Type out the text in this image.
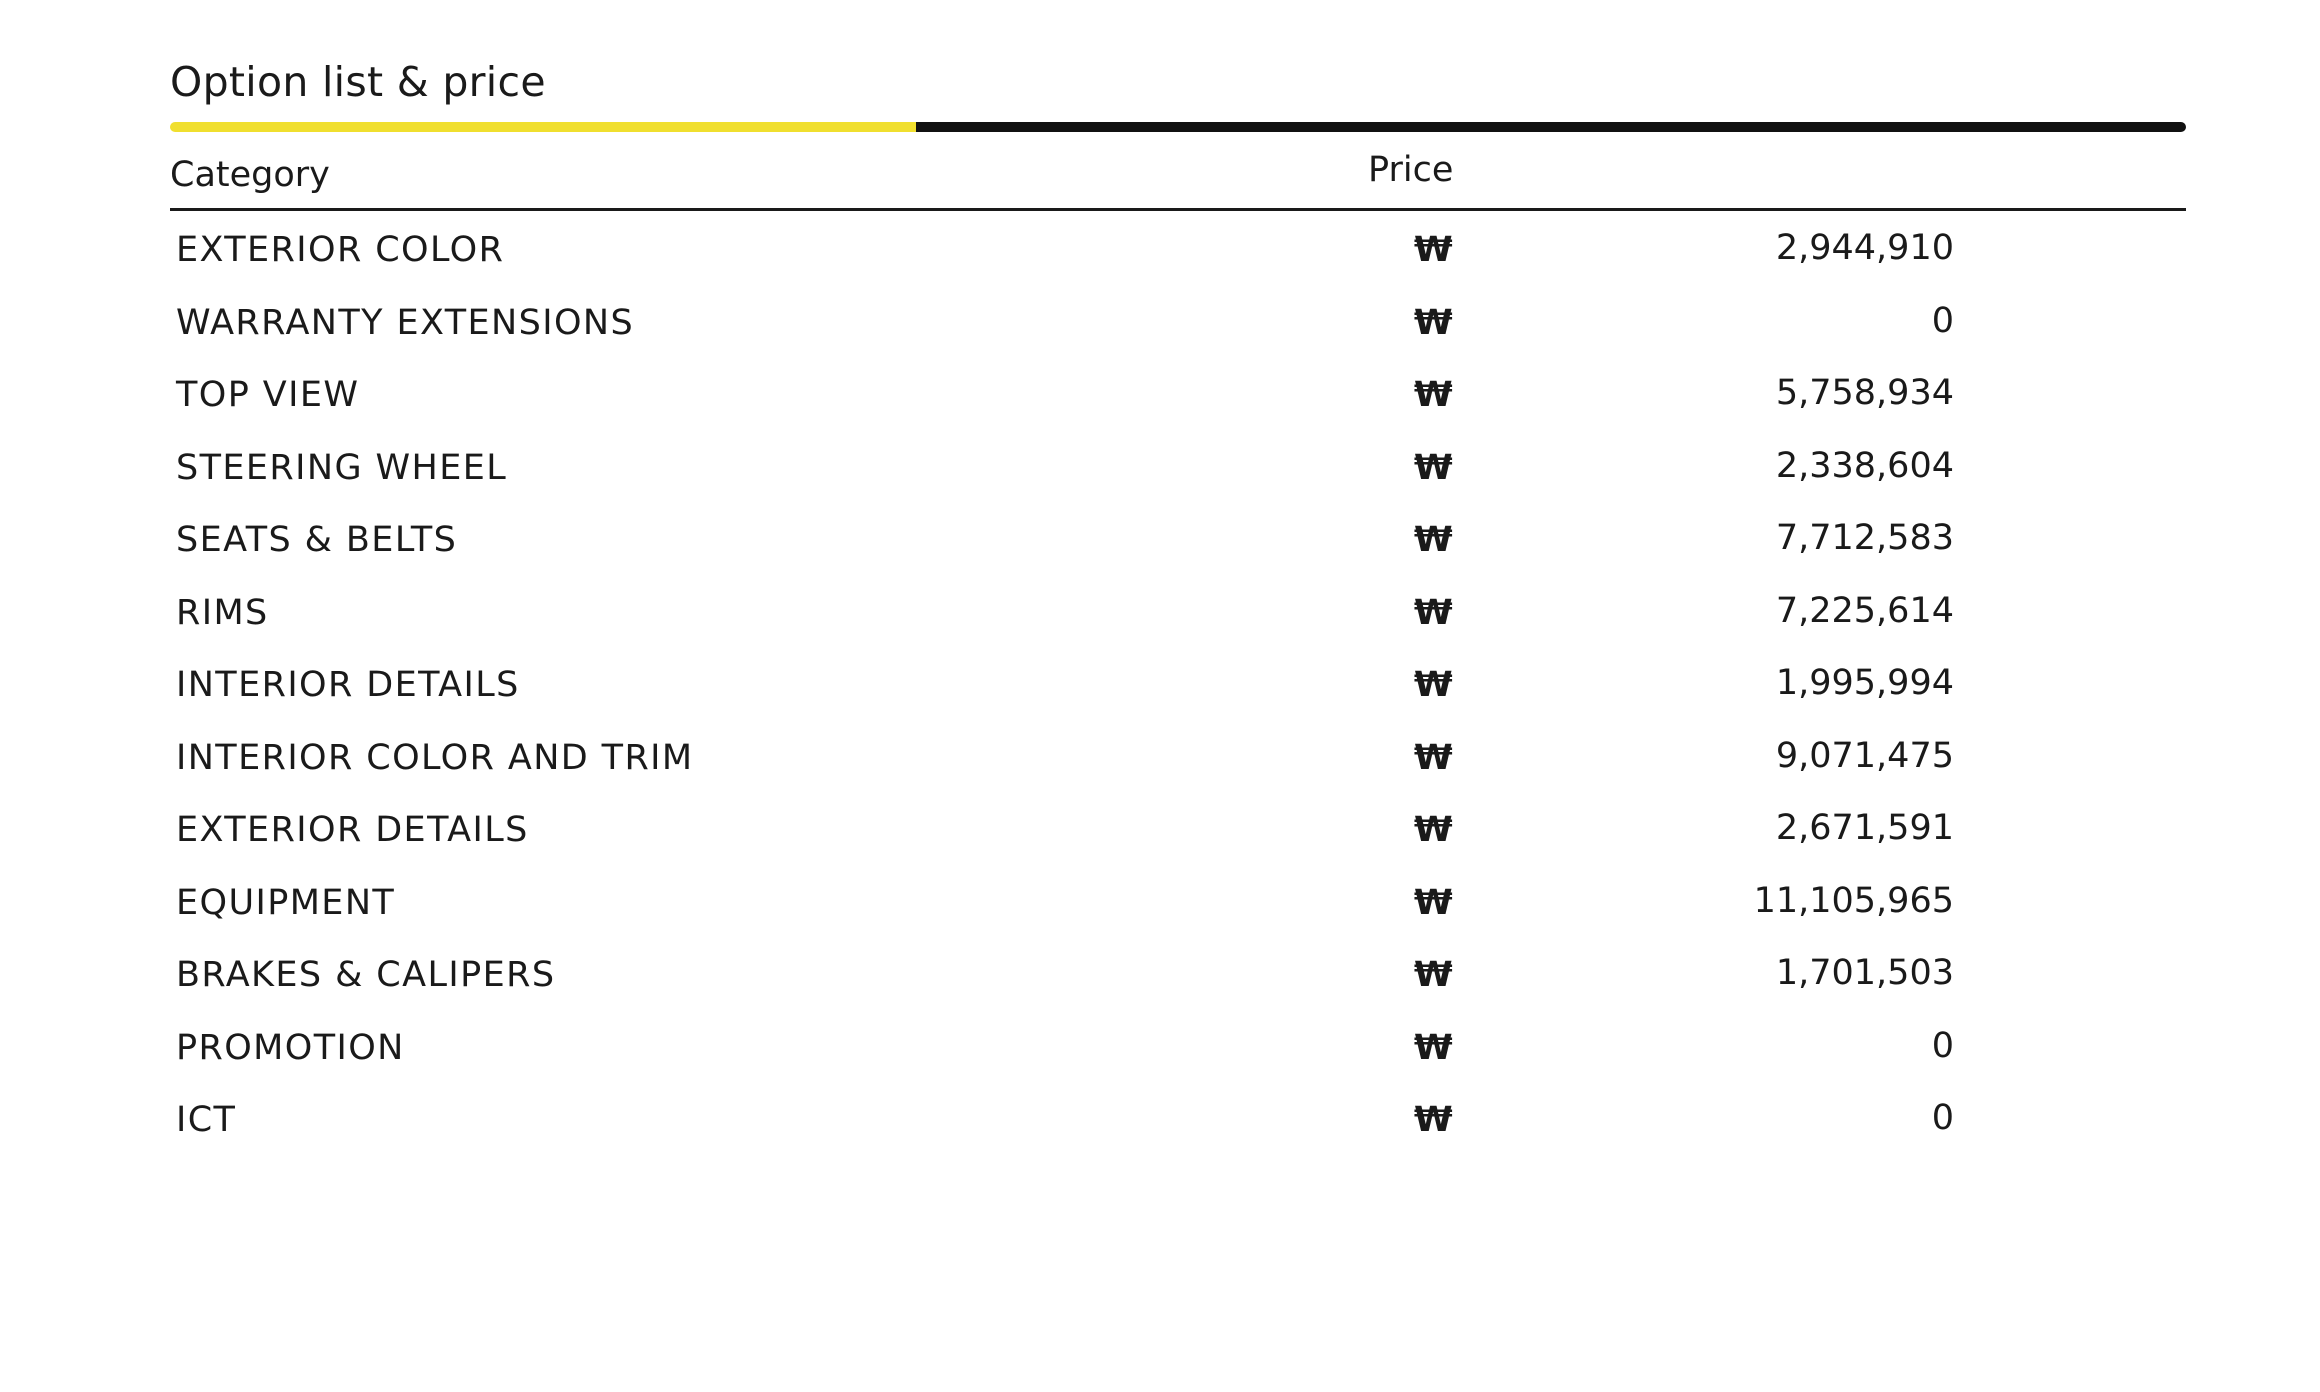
Option list & price
Category	Price
EXTERIOR COLOR	₩	2,944,910
WARRANTY EXTENSIONS	₩	0
TOP VIEW	₩	5,758,934
STEERING WHEEL	₩	2,338,604
SEATS & BELTS	₩	7,712,583
RIMS	₩	7,225,614
INTERIOR DETAILS	₩	1,995,994
INTERIOR COLOR AND TRIM	₩	9,071,475
EXTERIOR DETAILS	₩	2,671,591
EQUIPMENT	₩	11,105,965
BRAKES & CALIPERS	₩	1,701,503
PROMOTION	₩	0
ICT	₩	0
